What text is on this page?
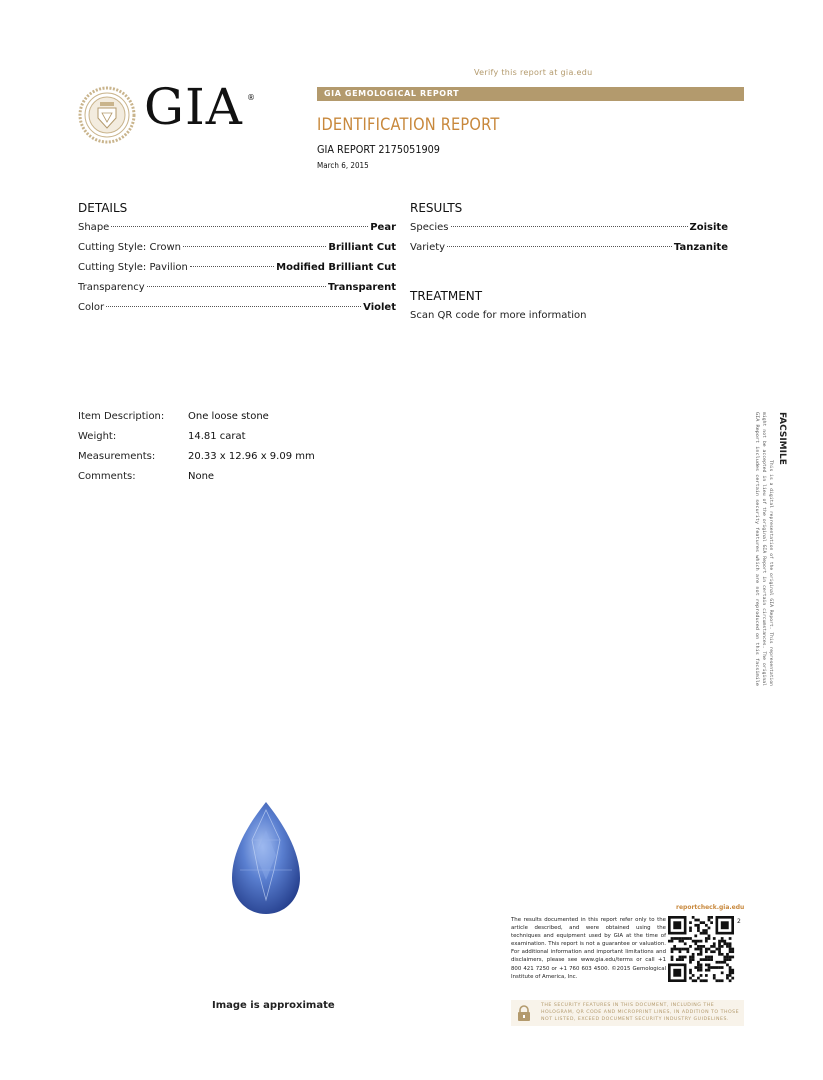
Verify this report at gia.edu
GIA ®	GIA GEMOLOGICAL REPORT
IDENTIFICATION REPORT
GIA REPORT 2175051909
March 6, 2015
DETAILS
Shape	Pear
Cutting Style: Crown	Brilliant Cut
Cutting Style: Pavilion	Modified Brilliant Cut
Transparency	Transparent
Color	Violet
RESULTS
Species	Zoisite
Variety	Tanzanite
TREATMENT
Scan QR code for more information
Item Description:	One loose stone
Weight:	14.81 carat
Measurements:	20.33 x 12.96 x 9.09 mm
Comments:	None
FACSIMILE
This is a digital representation of the original GIA Report. This representation
might not be accepted in lieu of the original GIA Report in certain circumstances. The original
GIA Report includes certain security features which are not reproduced on this facsimile
Image is approximate
reportcheck.gia.edu
The results documented in this report refer only to the article described, and were obtained using the techniques and equipment used by GIA at the time of examination. This report is not a guarantee or valuation. For additional information and important limitations and disclaimers, please see www.gia.edu/terms or call +1 800 421 7250 or +1 760 603 4500. ©2015 Gemological Institute of America, Inc.
2
THE SECURITY FEATURES IN THIS DOCUMENT, INCLUDING THE HOLOGRAM, QR CODE AND MICROPRINT LINES, IN ADDITION TO THOSE NOT LISTED, EXCEED DOCUMENT SECURITY INDUSTRY GUIDELINES.
